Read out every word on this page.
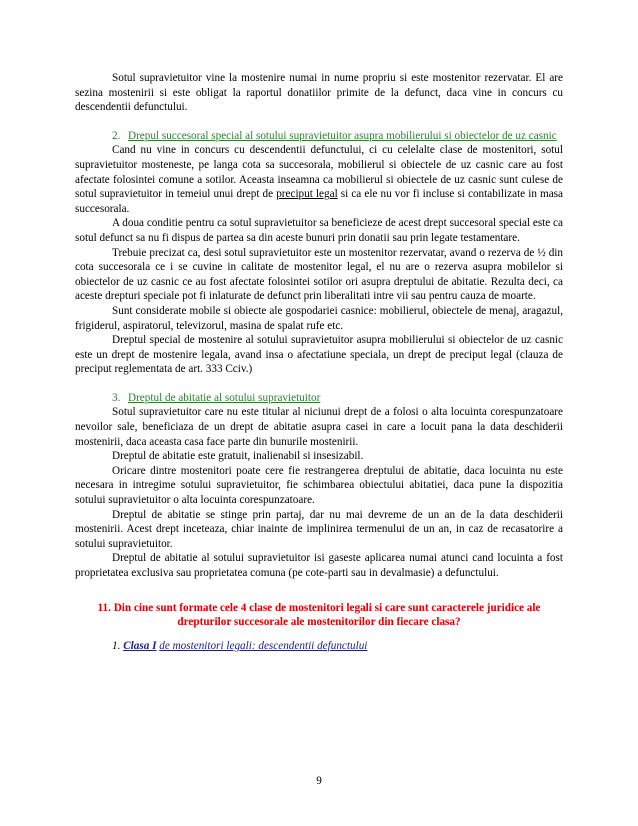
Sotul supravietuitor vine la mostenire numai in nume propriu si este mostenitor rezervatar. El are sezina mostenirii si este obligat la raportul donatiilor primite de la defunct, daca vine in concurs cu descendentii defunctului.

2. Drepul succesoral special al sotului supravietuitor asupra mobilierului si obiectelor de uz casnic

Cand nu vine in concurs cu descendentii defunctului, ci cu celelalte clase de mostenitori, sotul supravietuitor mosteneste, pe langa cota sa succesorala, mobilierul si obiectele de uz casnic care au fost afectate folosintei comune a sotilor. Aceasta inseamna ca mobilierul si obiectele de uz casnic sunt culese de sotul supravietuitor in temeiul unui drept de preciput legal si ca ele nu vor fi incluse si contabilizate in masa succesorala.

A doua conditie pentru ca sotul supravietuitor sa beneficieze de acest drept succesoral special este ca sotul defunct sa nu fi dispus de partea sa din aceste bunuri prin donatii sau prin legate testamentare.

Trebuie precizat ca, desi sotul supravietuitor este un mostenitor rezervatar, avand o rezerva de ½ din cota succesorala ce i se cuvine in calitate de mostenitor legal, el nu are o rezerva asupra mobilelor si obiectelor de uz casnic ce au fost afectate folosintei sotilor ori asupra dreptului de abitatie. Rezulta deci, ca aceste drepturi speciale pot fi inlaturate de defunct prin liberalitati intre vii sau pentru cauza de moarte.

Sunt considerate mobile si obiecte ale gospodariei casnice: mobilierul, obiectele de menaj, aragazul, frigiderul, aspiratorul, televizorul, masina de spalat rufe etc.

Dreptul special de mostenire al sotului supravietuitor asupra mobilierului si obiectelor de uz casnic este un drept de mostenire legala, avand insa o afectatiune speciala, un drept de preciput legal (clauza de preciput reglementata de art. 333 Cciv.)

3. Dreptul de abitatie al sotului supravietuitor

Sotul supravietuitor care nu este titular al niciunui drept de a folosi o alta locuinta corespunzatoare nevoilor sale, beneficiaza de un drept de abitatie asupra casei in care a locuit pana la data deschiderii mostenirii, daca aceasta casa face parte din bunurile mostenirii.

Dreptul de abitatie este gratuit, inalienabil si insesizabil.

Oricare dintre mostenitori poate cere fie restrangerea dreptului de abitatie, daca locuinta nu este necesara in intregime sotului supravietuitor, fie schimbarea obiectului abitatiei, daca pune la dispozitia sotului supravietuitor o alta locuinta corespunzatoare.

Dreptul de abitatie se stinge prin partaj, dar nu mai devreme de un an de la data deschiderii mostenirii. Acest drept inceteaza, chiar inainte de implinirea termenului de un an, in caz de recasatorire a sotului supravietuitor.

Dreptul de abitatie al sotului supravietuitor isi gaseste aplicarea numai atunci cand locuinta a fost proprietatea exclusiva sau proprietatea comuna (pe cote-parti sau in devalmasie) a defunctului.

11. Din cine sunt formate cele 4 clase de mostenitori legali si care sunt caracterele juridice ale
drepturilor succesorale ale mostenitorilor din fiecare clasa?

1. Clasa I de mostenitori legali: descendentii defunctului

9
